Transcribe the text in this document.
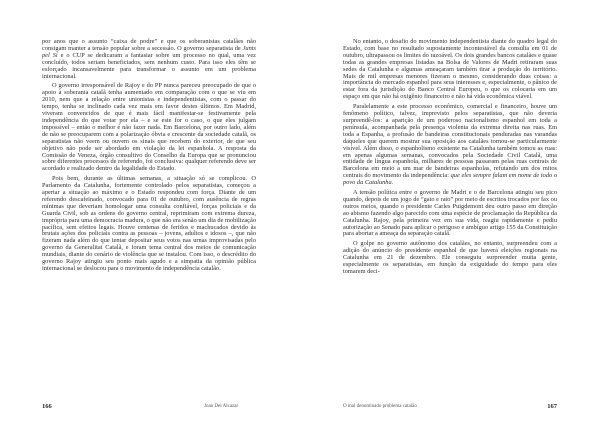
por anos que o assunto “caixa de podre” e que os soberanistas catalães não consigam manter a tensão popular sobre a secessão. O governo separatista de Junts pel Sí e o CUP se dedicaram a fantasiar sobre um processo no qual, uma vez concluído, todos seriam beneficiados, sem nenhum custo. Para isso eles têm se esforçado incansavelmente para transformar o assunto em um problema internacional.

O governo irresponsável de Rajoy e do PP nunca pareceu preocupado de que o apoio à soberania catalã tenha aumentado em comparação com o que se viu em 2010, nem que a relação entre unionistas e independentistas, com o passar do tempo, tenha se inclinado cada vez mais em favor destes últimos. Em Madrid, viveram convencidos de que é mais fácil manifestar-se festivamente pela independência do que votar por ela – e se este for o caso, o que eles julgam impossível – então o melhor é não fazer nada. Em Barcelona, por outro lado, além de não se preocuparem com a polarização óbvia e crescente da sociedade catalã, os separatistas não veem ou ouvem os sinais que recebem do exterior, de que seu objetivo não pode ser abordado em violação da lei espanhola. A resposta da Comissão de Veneza, órgão consultivo do Conselho da Europa que se pronunciou sobre diferentes processos de referendo, foi conclusiva: qualquer referendo deve ser acordado e realizado dentro da legalidade do Estado.

Pois bem, durante as últimas semanas, a situação só se complicou. O Parlamento da Catalunha, fortemente controlado pelos separatistas, começou a apertar a situação ao máximo e o Estado respondeu com força. Diante de um referendo descafeinado, convocado para 01 de outubro, com ausência de regras mínimas que deveriam homologar uma consulta confiável, forças policiais e da Guarda Civil, sob as ordens do governo central, reprimiram com extrema dureza, imprópria para uma democracia madura, o que não era senão um dia de mobilização pacífica, sem efeitos legais. Houve centenas de feridos e machucados devido às brutais ações dos policiais contra as pessoas – jovens, adultos e idosos –, que não fizeram nada além do que tentar depositar seus votos nas urnas improvisadas pelo governo da Generalitat Catalã, e foram tema central dos meios de comunicação mundiais, diante do cenário de violência que se instalou. Com isso, o descrédito do governo Rajoy atingiu seu ponto mais agudo e a simpatia da opinião pública internacional se deslocou para o movimento de independência catalão.

166	Joan Del Alcazar

No entanto, o desafio do movimento independentista diante do quadro legal do Estado, com base no resultado supostamente incontestável da consulta em 01 de outubro, ultrapassou os limites do razoável. Os dois grandes bancos catalães e quase todas as grandes empresas listadas na Bolsa de Valores de Madri retiraram suas sedes da Catalunha e algumas ameaçaram também tirar a produção do território. Mais de mil empresas menores fizeram o mesmo, considerando duas coisas: a importância do mercado espanhol para seus interesses e, especialmente, o pânico de estar fora da jurisdição do Banco Central Europeu, o que os colocaria em um espaço em que não há oxigênio financeiro e não há vida econômica viável.

Paralelamente a este processo econômico, comercial e financeiro, houve um fenômeno político, talvez, imprevisto pelos separatistas, que não deveria surpreendê-los: a aparição de um poderoso nacionalismo espanhol em toda a península, acompanhada pela presença violenta da extrema direita nas ruas. Em toda a Espanha, a profusão de bandeiras constitucionais penduradas nas varandas daqueles que querem mostrar sua oposição aos catalães tornou-se particularmente visível. Além disso, o espanholismo existente na Catalunha também tomou as ruas: em apenas algumas semanas, convocados pela Sociedade Civil Catalã, uma entidade de língua espanhola, milhares de pessoas passaram pelas ruas centrais de Barcelona em meio a um mar de bandeiras espanholas, refutando um dos mitos centrais do movimento da independência: que eles sempre falam em nome de todo o povo da Catalunha.

A tensão política entre o governo de Madri e o de Barcelona atingiu seu pico quando, depois de um jogo de “gato e rato” por meio de escritos trocados por fax ou outros meios, quando o presidente Carles Puigdemont deu outro passo em direção ao abismo fazendo algo parecido com uma espécie de proclamação da República da Catalunha. Rajoy, pela primeira vez em sua vida, reagiu rapidamente e pediu autorização ao Senado para aplicar o perigoso e ambíguo artigo 155 da Constituição para abortar a ameaça da separação catalã.

O golpe no governo autônomo dos catalães, no entanto, surpreendeu com a adição do anúncio do presidente espanhol de que haverá eleições regionais na Catalunha em 21 de dezembro. Ele conseguiu surpreender muita gente, especialmente os separatistas, em função da exiguidade do tempo para eles tomarem deci-

O mal denominado problema catalão	167
